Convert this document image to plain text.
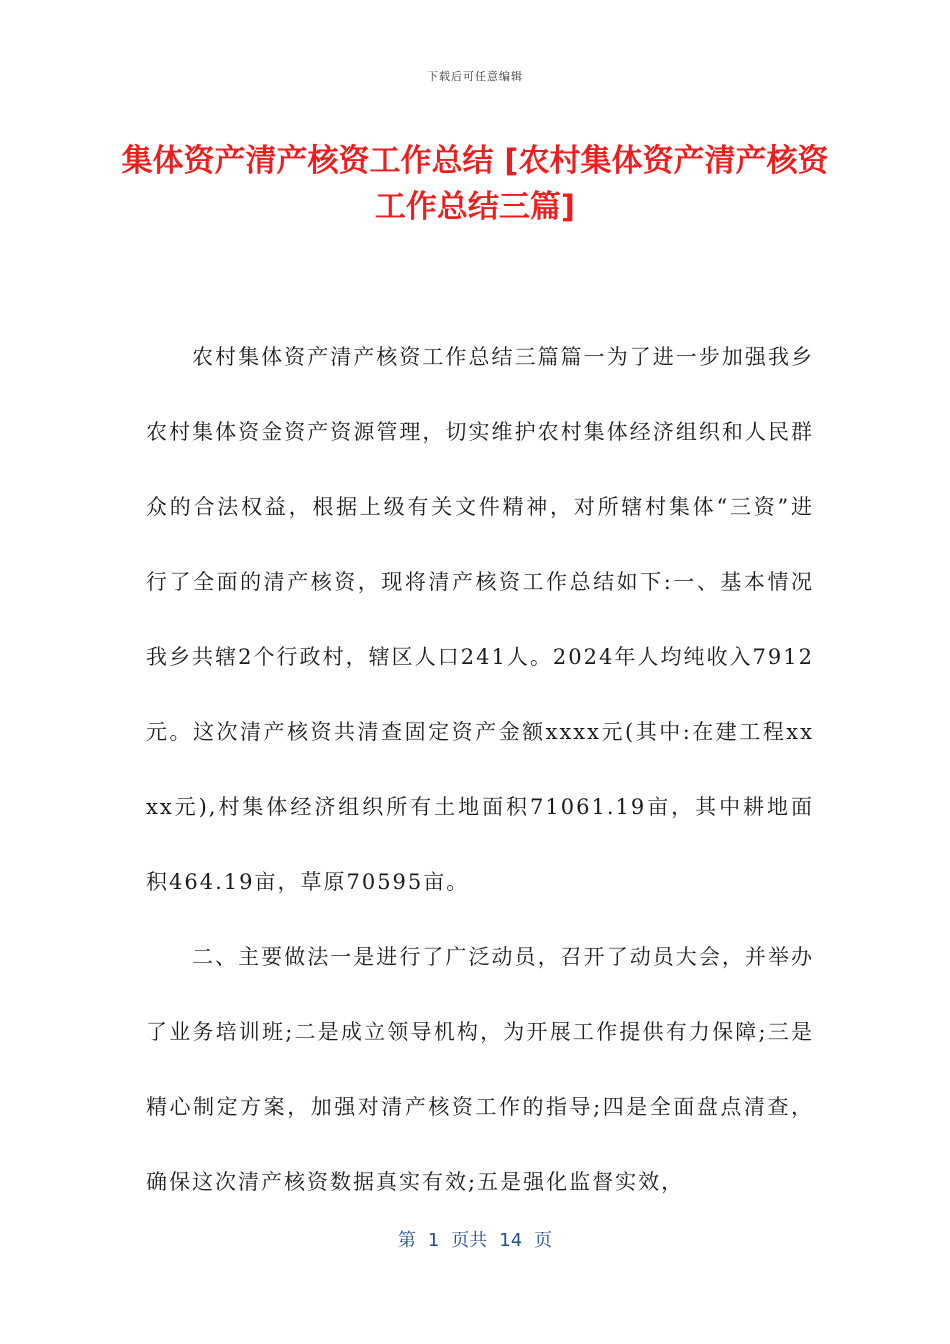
下载后可任意编辑
集体资产清产核资工作总结 [农村集体资产清产核资工作总结三篇]

农村集体资产清产核资工作总结三篇篇一为了进一步加强我乡农村集体资金资产资源管理，切实维护农村集体经济组织和人民群众的合法权益，根据上级有关文件精神，对所辖村集体“三资”进行了全面的清产核资，现将清产核资工作总结如下:一、基本情况我乡共辖2个行政村，辖区人口241人。2024年人均纯收入7912元。这次清产核资共清查固定资产金额xxxx元(其中:在建工程xxxx元),村集体经济组织所有土地面积71061.19亩，其中耕地面积464.19亩，草原70595亩。

二、主要做法一是进行了广泛动员，召开了动员大会，并举办了业务培训班;二是成立领导机构，为开展工作提供有力保障;三是精心制定方案，加强对清产核资工作的指导;四是全面盘点清查，确保这次清产核资数据真实有效;五是强化监督实效，

第 1 页共 14 页
